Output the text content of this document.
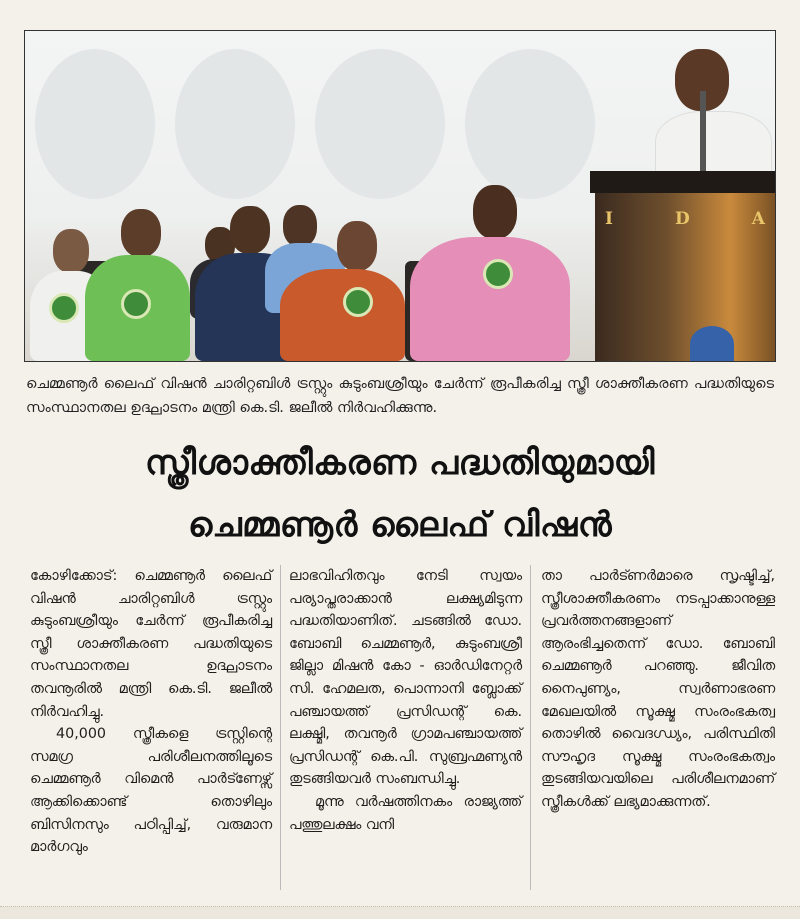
I	D	A
ചെമ്മണൂർ ലൈഫ് വിഷൻ ചാരിറ്റബിൾ ട്രസ്റ്റും കുടുംബശ്രീയും ചേർന്ന് രൂപീകരിച്ച സ്ത്രീ ശാക്തീകരണ പദ്ധതിയുടെ സംസ്ഥാനതല ഉദ്ഘാടനം മന്ത്രി കെ.ടി. ജലീൽ നിർവഹിക്കുന്നു.
സ്ത്രീശാക്തീകരണ പദ്ധതിയുമായി
ചെമ്മണൂർ ലൈഫ് വിഷൻ

കോഴിക്കോട്: ചെമ്മണൂർ ലൈഫ് വിഷൻ ചാരിറ്റബിൾ ട്രസ്റ്റും കുടുംബശ്രീയും ചേർന്ന് രൂപീകരിച്ച സ്ത്രീ ശാക്തീകരണ പദ്ധതിയുടെ സംസ്ഥാനതല ഉദ്ഘാടനം തവനൂരിൽ മന്ത്രി കെ.ടി. ജലീൽ നിർവഹിച്ചു.

40,000 സ്ത്രീകളെ ട്രസ്റ്റിന്റെ സമഗ്ര പരിശീലനത്തിലൂടെ ചെമ്മണൂർ വിമെൻ പാർട്ണേഴ്സ് ആക്കിക്കൊണ്ട് തൊഴിലും ബിസിനസും പഠിപ്പിച്ച്, വരുമാന മാർഗവും

ലാഭവിഹിതവും നേടി സ്വയം പര്യാപ്തരാക്കാൻ ലക്ഷ്യമിടുന്ന പദ്ധതിയാണിത്. ചടങ്ങിൽ ഡോ. ബോബി ചെമ്മണൂർ, കുടുംബശ്രീ ജില്ലാ മിഷൻ കോ - ഓർഡിനേറ്റർ സി. ഹേമലത, പൊന്നാനി ബ്ലോക്ക് പഞ്ചായത്ത് പ്രസിഡന്റ് കെ. ലക്ഷ്മി, തവനൂർ ഗ്രാമപഞ്ചായത്ത് പ്രസിഡന്റ് കെ.പി. സുബ്രഹ്മണ്യൻ തുടങ്ങിയവർ സംബന്ധിച്ചു.

മൂന്നു വർഷത്തിനകം രാജ്യത്ത് പത്തുലക്ഷം വനി

താ പാർട്ണർമാരെ സൃഷ്ടിച്ച്, സ്ത്രീശാക്തീകരണം നടപ്പാക്കാനുള്ള പ്രവർത്തനങ്ങളാണ് ആരംഭിച്ചതെന്ന് ഡോ. ബോബി ചെമ്മണൂർ പറഞ്ഞു. ജീവിത നൈപുണ്യം, സ്വർണാഭരണ മേഖലയിൽ സൂക്ഷ്മ സംരംഭകത്വ തൊഴിൽ വൈദഗ്ധ്യം, പരിസ്ഥിതി സൗഹൃദ സൂക്ഷ്മ സംരംഭകത്വം തുടങ്ങിയവയിലെ പരിശീലനമാണ് സ്ത്രീകൾക്ക് ലഭ്യമാക്കുന്നത്.
